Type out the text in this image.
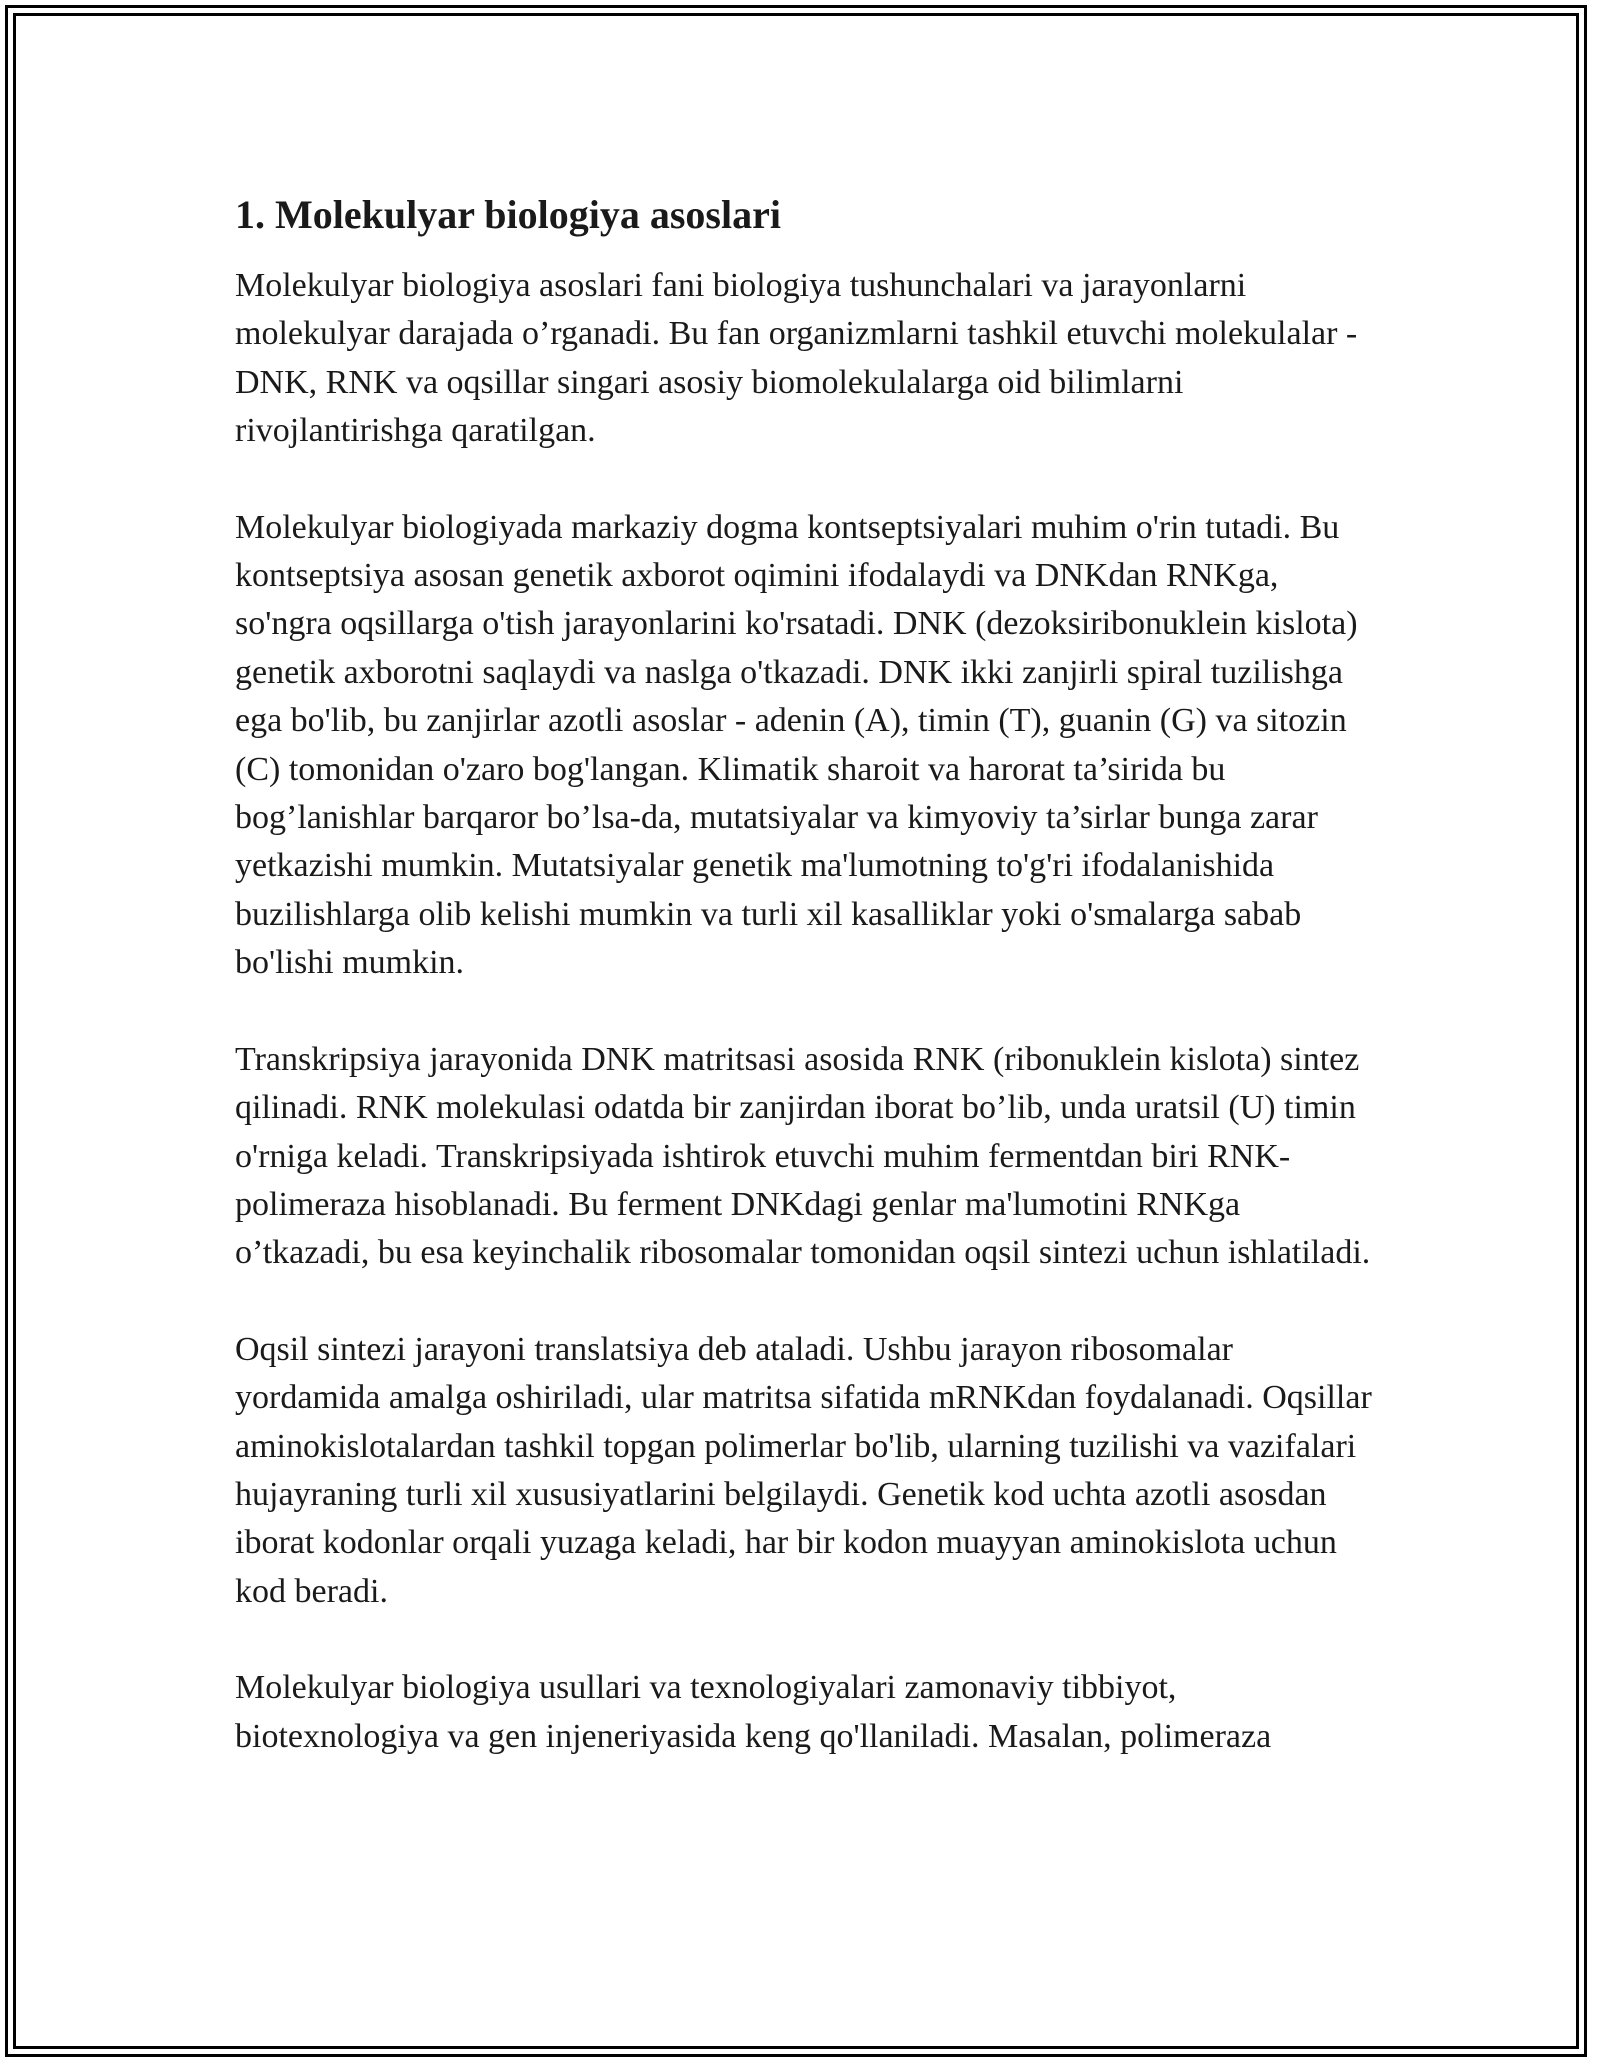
1. Molekulyar biologiya asoslari

Molekulyar biologiya asoslari fani biologiya tushunchalari va jarayonlarni molekulyar darajada o’rganadi. Bu fan organizmlarni tashkil etuvchi molekulalar - DNK, RNK va oqsillar singari asosiy biomolekulalarga oid bilimlarni rivojlantirishga qaratilgan.

Molekulyar biologiyada markaziy dogma kontseptsiyalari muhim o'rin tutadi. Bu kontseptsiya asosan genetik axborot oqimini ifodalaydi va DNKdan RNKga, so'ngra oqsillarga o'tish jarayonlarini ko'rsatadi. DNK (dezoksiribonuklein kislota) genetik axborotni saqlaydi va naslga o'tkazadi. DNK ikki zanjirli spiral tuzilishga ega bo'lib, bu zanjirlar azotli asoslar - adenin (A), timin (T), guanin (G) va sitozin (C) tomonidan o'zaro bog'langan. Klimatik sharoit va harorat ta’sirida bu bog’lanishlar barqaror bo’lsa-da, mutatsiyalar va kimyoviy ta’sirlar bunga zarar yetkazishi mumkin. Mutatsiyalar genetik ma'lumotning to'g'ri ifodalanishida buzilishlarga olib kelishi mumkin va turli xil kasalliklar yoki o'smalarga sabab bo'lishi mumkin.

Transkripsiya jarayonida DNK matritsasi asosida RNK (ribonuklein kislota) sintez qilinadi. RNK molekulasi odatda bir zanjirdan iborat bo’lib, unda uratsil (U) timin o'rniga keladi. Transkripsiyada ishtirok etuvchi muhim fermentdan biri RNK-polimeraza hisoblanadi. Bu ferment DNKdagi genlar ma'lumotini RNKga o’tkazadi, bu esa keyinchalik ribosomalar tomonidan oqsil sintezi uchun ishlatiladi.

Oqsil sintezi jarayoni translatsiya deb ataladi. Ushbu jarayon ribosomalar yordamida amalga oshiriladi, ular matritsa sifatida mRNKdan foydalanadi. Oqsillar aminokislotalardan tashkil topgan polimerlar bo'lib, ularning tuzilishi va vazifalari hujayraning turli xil xususiyatlarini belgilaydi. Genetik kod uchta azotli asosdan iborat kodonlar orqali yuzaga keladi, har bir kodon muayyan aminokislota uchun kod beradi.

Molekulyar biologiya usullari va texnologiyalari zamonaviy tibbiyot, biotexnologiya va gen injeneriyasida keng qo'llaniladi. Masalan, polimeraza
